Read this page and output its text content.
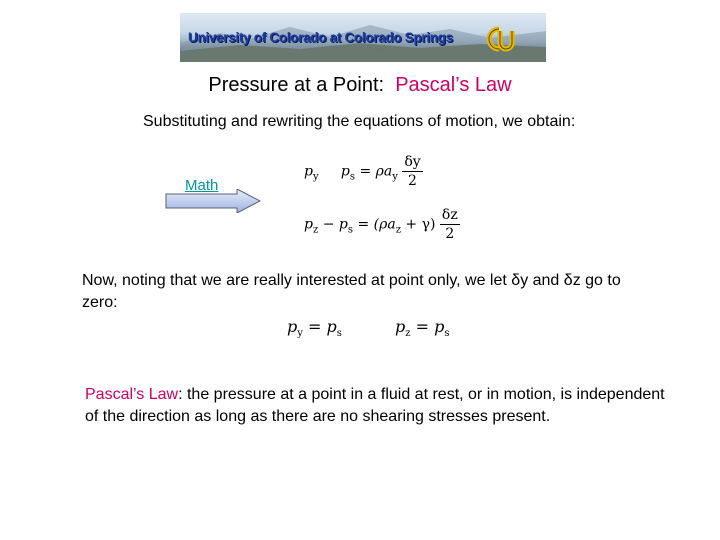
University of Colorado at Colorado Springs
Pressure at a Point: Pascal’s Law
Substituting and rewriting the equations of motion, we obtain:
Math
$p_y$ $p_s = \rho a_y \frac{\delta y}{2}$
$p_z - p_s = (\rho a_z + \gamma) \frac{\delta z}{2}$
Now, noting that we are really interested at point only, we let δy and δz go to zero:
$p_y = p_s$	$p_z = p_s$
Pascal’s Law: the pressure at a point in a fluid at rest, or in motion, is independent of the direction as long as there are no shearing stresses present.
